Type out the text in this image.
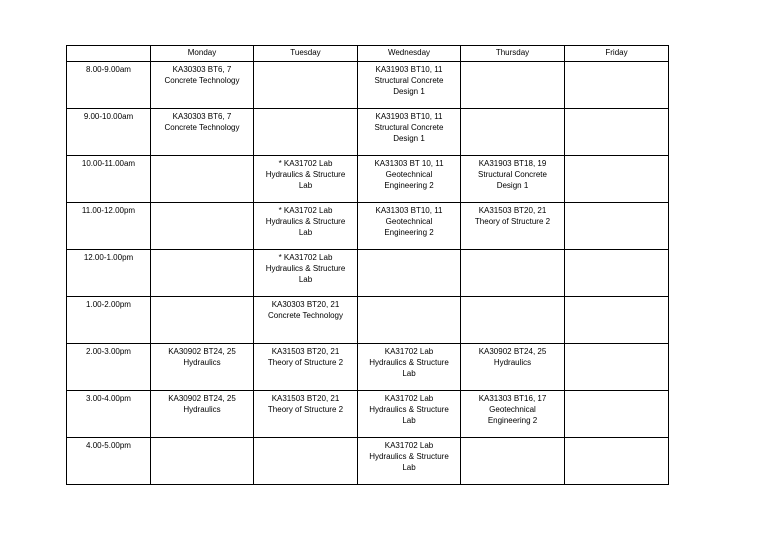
	Monday	Tuesday	Wednesday	Thursday	Friday

8.00-9.00am	KA30303 BT6, 7
Concrete Technology		KA31903 BT10, 11
Structural Concrete
Design 1		

9.00-10.00am	KA30303 BT6, 7
Concrete Technology		KA31903 BT10, 11
Structural Concrete
Design 1		

10.00-11.00am		* KA31702 Lab
Hydraulics & Structure
Lab	KA31303 BT 10, 11
Geotechnical
Engineering 2	KA31903 BT18, 19
Structural Concrete
Design 1	

11.00-12.00pm		* KA31702 Lab
Hydraulics & Structure
Lab	KA31303 BT10, 11
Geotechnical
Engineering 2	KA31503 BT20, 21
Theory of Structure 2	

12.00-1.00pm		* KA31702 Lab
Hydraulics & Structure
Lab			

1.00-2.00pm		KA30303 BT20, 21
Concrete Technology			

2.00-3.00pm	KA30902 BT24, 25
Hydraulics	KA31503 BT20, 21
Theory of Structure 2	KA31702 Lab
Hydraulics & Structure
Lab	KA30902 BT24, 25
Hydraulics	

3.00-4.00pm	KA30902 BT24, 25
Hydraulics	KA31503 BT20, 21
Theory of Structure 2	KA31702 Lab
Hydraulics & Structure
Lab	KA31303 BT16, 17
Geotechnical
Engineering 2	

4.00-5.00pm			KA31702 Lab
Hydraulics & Structure
Lab		
